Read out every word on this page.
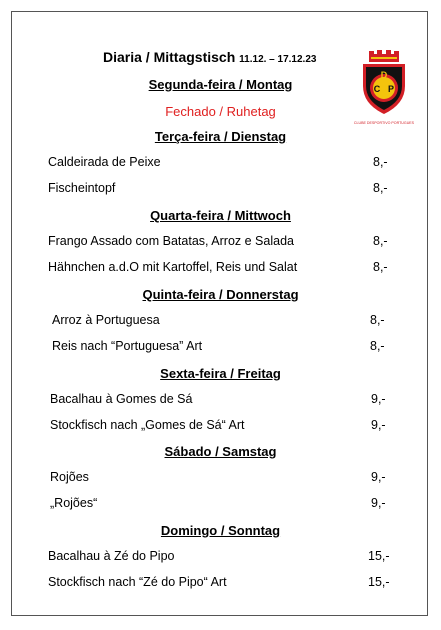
Diaria / Mittagstisch 11.12. – 17.12.23
D
C P
CLUBE DESPORTIVO PORTUGUES
Segunda-feira / Montag
Fechado / Ruhetag
Terça-feira / Dienstag
Caldeirada de Peixe	8,-
Fischeintopf	8,-
Quarta-feira / Mittwoch
Frango Assado com Batatas, Arroz e Salada	8,-
Hähnchen a.d.O mit Kartoffel, Reis und Salat	8,-
Quinta-feira / Donnerstag
Arroz à Portuguesa	8,-
Reis nach “Portuguesa” Art	8,-
Sexta-feira / Freitag
Bacalhau à Gomes de Sá	9,-
Stockfisch nach „Gomes de Sá“ Art	9,-
Sábado / Samstag
Rojões	9,-
„Rojões“	9,-
Domingo / Sonntag
Bacalhau à Zé do Pipo	15,-
Stockfisch nach “Zé do Pipo“ Art	15,-
